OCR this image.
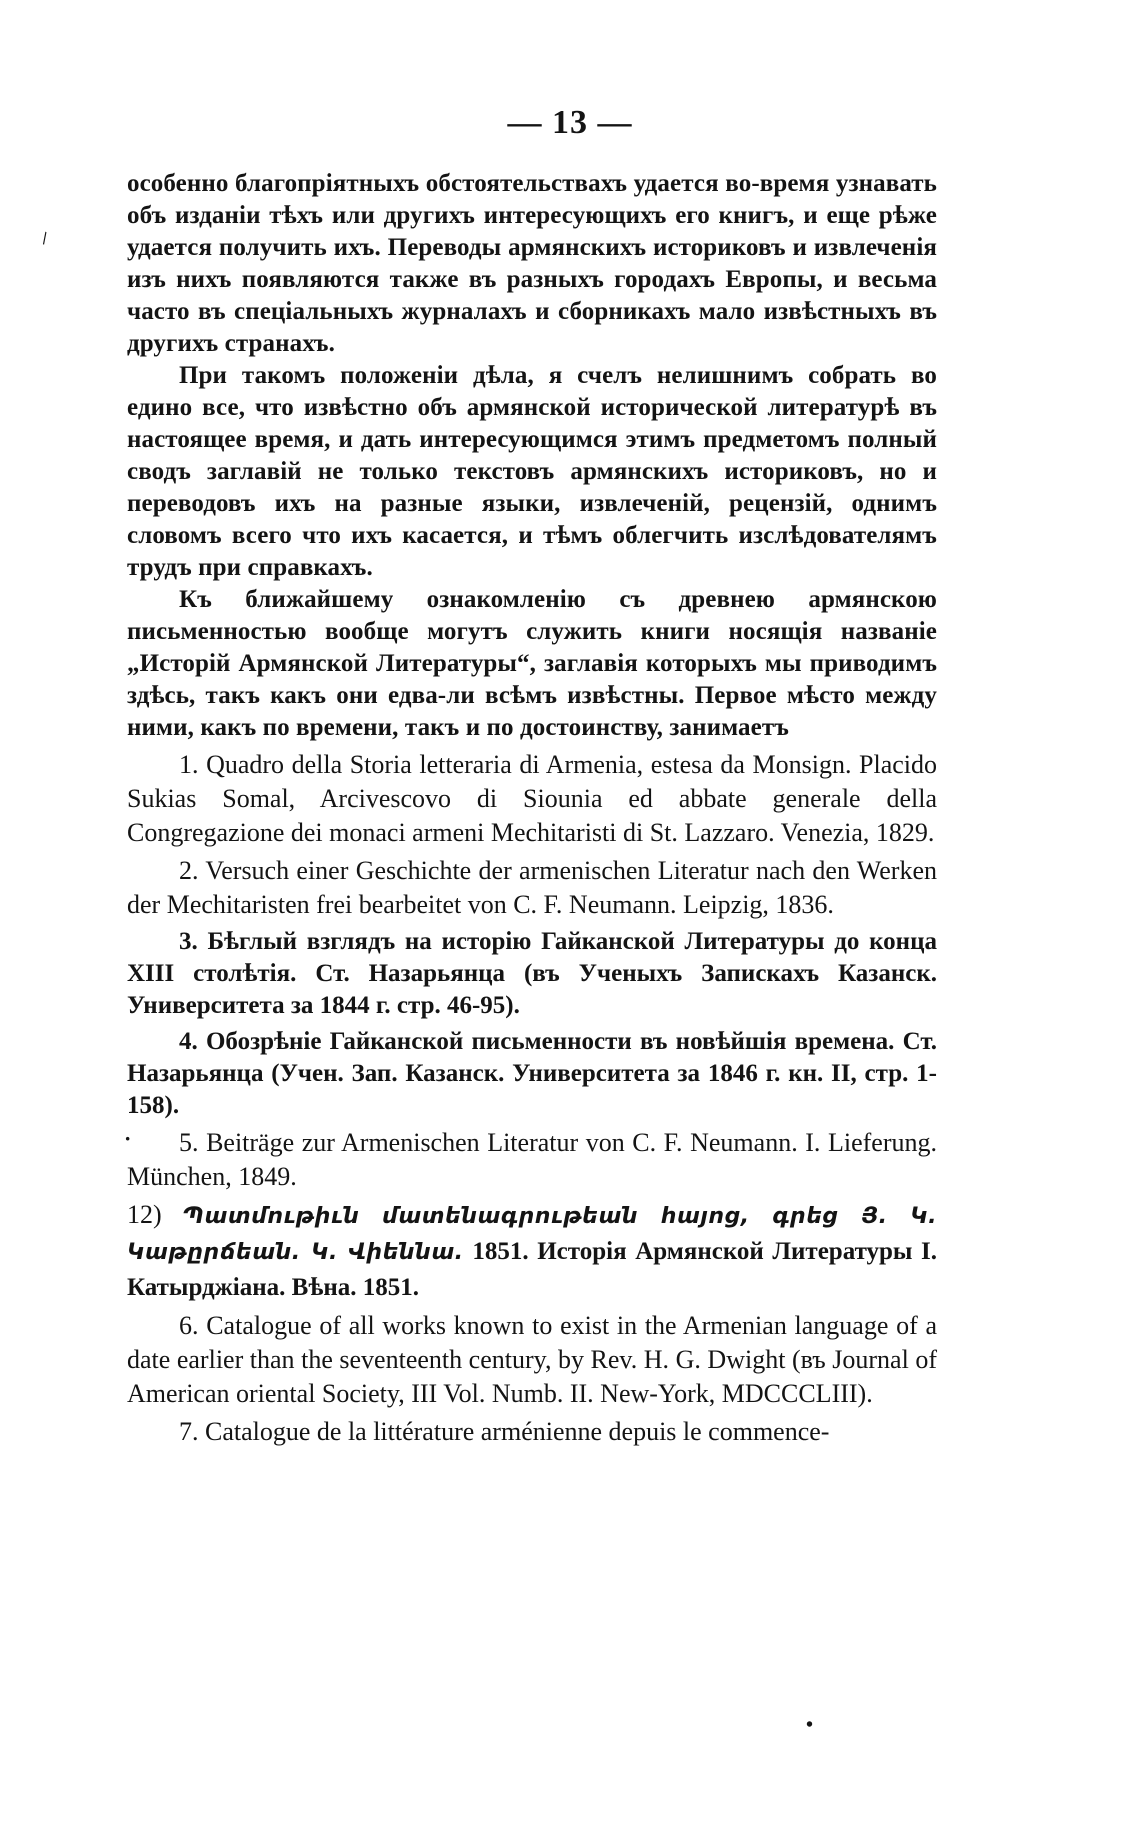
— 13 —
\

особенно благопріятныхъ обстоятельствахъ удается во-время узнавать объ изданіи тѣхъ или другихъ интересующихъ его книгъ, и еще рѣже удается получить ихъ. Переводы армянскихъ историковъ и извлеченія изъ нихъ появляются также въ разныхъ городахъ Европы, и весьма часто въ спеціальныхъ журналахъ и сборникахъ мало извѣстныхъ въ другихъ странахъ.

При такомъ положеніи дѣла, я счелъ нелишнимъ собрать во едино все, что извѣстно объ армянской исторической литературѣ въ настоящее время, и дать интересующимся этимъ предметомъ полный сводъ заглавій не только текстовъ армянскихъ историковъ, но и переводовъ ихъ на разные языки, извлеченій, рецензій, однимъ словомъ всего что ихъ касается, и тѣмъ облегчить изслѣдователямъ трудъ при справкахъ.

Къ ближайшему ознакомленію съ древнею армянскою письменностью вообще могутъ служить книги носящія названіе „Исторій Армянской Литературы“, заглавія которыхъ мы приводимъ здѣсь, такъ какъ они едва-ли всѣмъ извѣстны. Первое мѣсто между ними, какъ по времени, такъ и по достоинству, занимаетъ

1. Quadro della Storia letteraria di Armenia, estesa da Monsign. Placido Sukias Somal, Arcivescovo di Siounia ed abbate generale della Congregazione dei monaci armeni Mechitaristi di St. Lazzaro. Venezia, 1829.

2. Versuch einer Geschichte der armenischen Literatur nach den Werken der Mechitaristen frei bearbeitet von C. F. Neumann. Leipzig, 1836.

3. Бѣглый взглядъ на исторію Гайканской Литературы до конца XIII столѣтія. Ст. Назарьянца (въ Ученыхъ Запискахъ Казанск. Университета за 1844 г. стр. 46-95).

4. Обозрѣніе Гайканской письменности въ новѣйшія времена. Ст. Назарьянца (Учен. Зап. Казанск. Университета за 1846 г. кн. II, стр. 1-158).

·	5. Beiträge zur Armenischen Literatur von C. F. Neumann. I. Lieferung. München, 1849.

12) Պատմութիւն մատենագրութեան հայոց, գրեց Յ. Կ. Կաթըրճեան. Կ. Վիեննա. 1851. Исторія Армянской Литературы І. Катырджіана. Вѣна. 1851.

6. Catalogue of all works known to exist in the Armenian language of a date earlier than the seventeenth century, by Rev. H. G. Dwight (въ Journal of American oriental Society, III Vol. Numb. II. New-York, MDCCCLIII).

7. Catalogue de la littérature arménienne depuis le commence-

•
